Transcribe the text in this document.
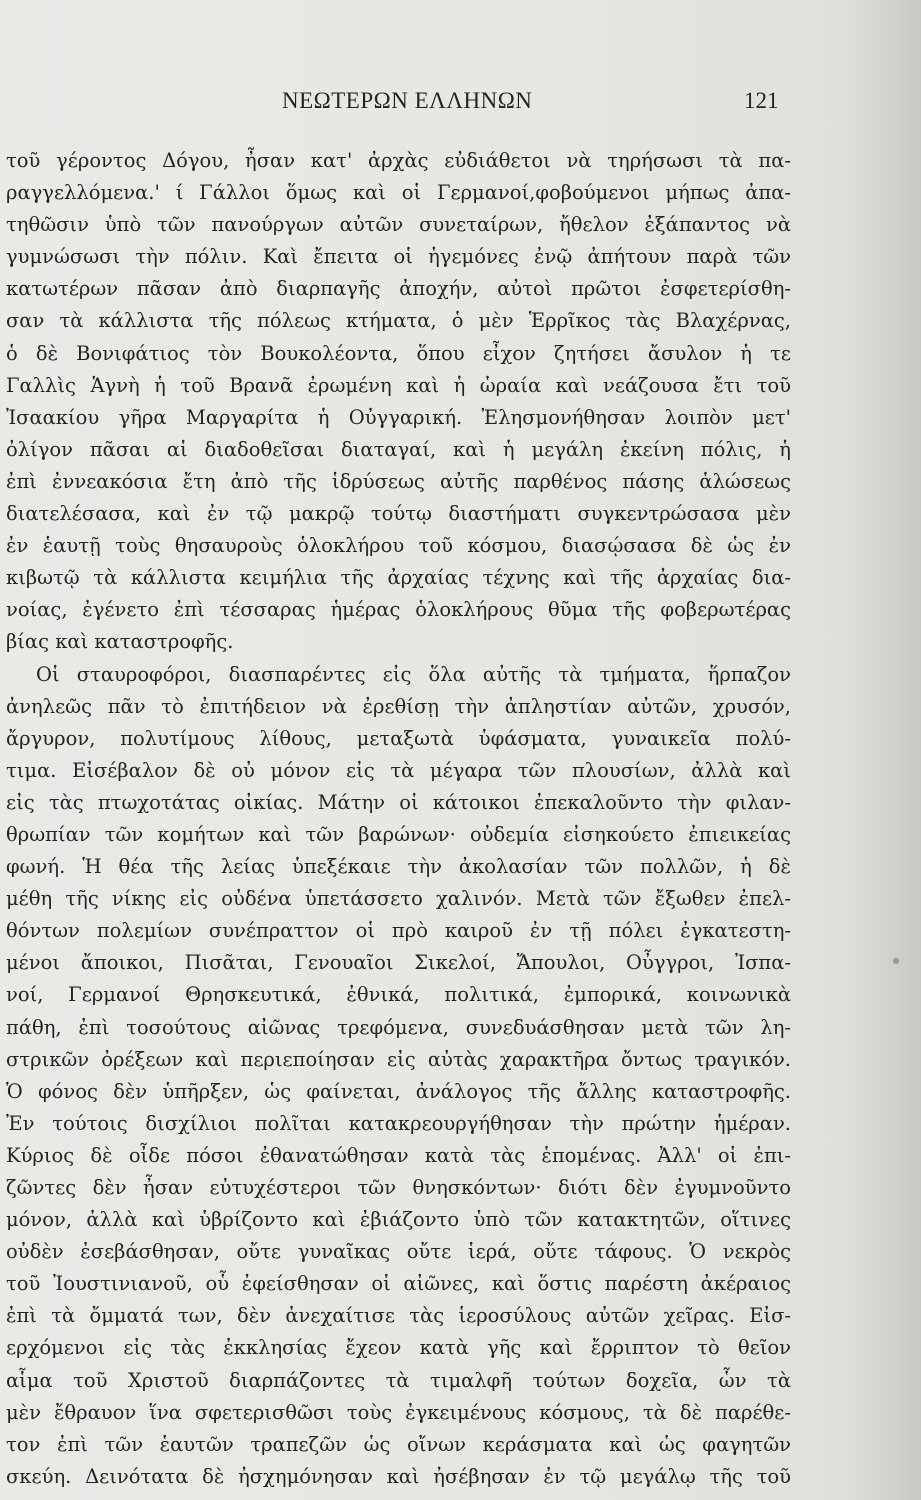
ΝΕΩΤΕΡΩΝ ΕΛΛΗΝΩΝ	121
τοῦ γέροντος Δόγου, ἦσαν κατ' ἀρχὰς εὐδιάθετοι νὰ τηρήσωσι τὰ πα-
ραγγελλόμενα.' ί Γάλλοι ὅμως καὶ οἱ Γερμανοί,φοβούμενοι μήπως ἀπα-
τηθῶσιν ὑπὸ τῶν πανούργων αὐτῶν συνεταίρων, ἤθελον ἐξάπαντος νὰ
γυμνώσωσι τὴν πόλιν. Καὶ ἔπειτα οἱ ἡγεμόνες ἐνῷ ἀπήτουν παρὰ τῶν
κατωτέρων πᾶσαν ἀπὸ διαρπαγῆς ἀποχήν, αὐτοὶ πρῶτοι ἐσφετερίσθη-
σαν τὰ κάλλιστα τῆς πόλεως κτήματα, ὁ μὲν Ἑρρῖκος τὰς Βλαχέρνας,
ὁ δὲ Βονιφάτιος τὸν Βουκολέοντα, ὅπου εἶχον ζητήσει ἄσυλον ἡ τε
Γαλλὶς Ἁγνὴ ἡ τοῦ Βρανᾶ ἐρωμένη καὶ ἡ ὡραία καὶ νεάζουσα ἔτι τοῦ
Ἰσαακίου γῆρα Μαργαρίτα ἡ Οὐγγαρική. Ἐλησμονήθησαν λοιπὸν μετ'
ὀλίγον πᾶσαι αἱ διαδοθεῖσαι διαταγαί, καὶ ἡ μεγάλη ἐκείνη πόλις, ἡ
ἐπὶ ἐννεακόσια ἔτη ἀπὸ τῆς ἱδρύσεως αὐτῆς παρθένος πάσης ἁλώσεως
διατελέσασα, καὶ ἐν τῷ μακρῷ τούτῳ διαστήματι συγκεντρώσασα μὲν
ἐν ἑαυτῇ τοὺς θησαυροὺς ὁλοκλήρου τοῦ κόσμου, διασῴσασα δὲ ὡς ἐν
κιβωτῷ τὰ κάλλιστα κειμήλια τῆς ἀρχαίας τέχνης καὶ τῆς ἀρχαίας δια-
νοίας, ἐγένετο ἐπὶ τέσσαρας ἡμέρας ὁλοκλήρους θῦμα τῆς φοβερωτέρας
βίας καὶ καταστροφῆς.
Οἱ σταυροφόροι, διασπαρέντες εἰς ὅλα αὐτῆς τὰ τμήματα, ἥρπαζον
ἀνηλεῶς πᾶν τὸ ἐπιτήδειον νὰ ἐρεθίσῃ τὴν ἀπληστίαν αὐτῶν, χρυσόν,
ἄργυρον, πολυτίμους λίθους, μεταξωτὰ ὑφάσματα, γυναικεῖα πολύ-
τιμα. Εἰσέβαλον δὲ οὐ μόνον εἰς τὰ μέγαρα τῶν πλουσίων, ἀλλὰ καὶ
εἰς τὰς πτωχοτάτας οἰκίας. Μάτην οἱ κάτοικοι ἐπεκαλοῦντο τὴν φιλαν-
θρωπίαν τῶν κομήτων καὶ τῶν βαρώνων· οὐδεμία εἰσηκούετο ἐπιεικείας
φωνή. Ἡ θέα τῆς λείας ὑπεξέκαιε τὴν ἀκολασίαν τῶν πολλῶν, ἡ δὲ
μέθη τῆς νίκης εἰς οὐδένα ὑπετάσσετο χαλινόν. Μετὰ τῶν ἔξωθεν ἐπελ-
θόντων πολεμίων συνέπραττον οἱ πρὸ καιροῦ ἐν τῇ πόλει ἐγκατεστη-
μένοι ἄποικοι, Πισᾶται, Γενουαῖοι Σικελοί, Ἄπουλοι, Οὖγγροι, Ἰσπα-
νοί, Γερμανοί Θρησκευτικά, ἐθνικά, πολιτικά, ἐμπορικά, κοινωνικὰ
πάθη, ἐπὶ τοσούτους αἰῶνας τρεφόμενα, συνεδυάσθησαν μετὰ τῶν λη-
στρικῶν ὀρέξεων καὶ περιεποίησαν εἰς αὐτὰς χαρακτῆρα ὄντως τραγικόν.
Ὁ φόνος δὲν ὑπῆρξεν, ὡς φαίνεται, ἀνάλογος τῆς ἄλλης καταστροφῆς.
Ἐν τούτοις δισχίλιοι πολῖται κατακρεουργήθησαν τὴν πρώτην ἡμέραν.
Κύριος δὲ οἶδε πόσοι ἐθανατώθησαν κατὰ τὰς ἑπομένας. Ἀλλ' οἱ ἐπι-
ζῶντες δὲν ἦσαν εὐτυχέστεροι τῶν θνησκόντων· διότι δὲν ἐγυμνοῦντο
μόνον, ἀλλὰ καὶ ὑβρίζοντο καὶ ἐβιάζοντο ὑπὸ τῶν κατακτητῶν, οἵτινες
οὐδὲν ἐσεβάσθησαν, οὔτε γυναῖκας οὔτε ἱερά, οὔτε τάφους. Ὁ νεκρὸς
τοῦ Ἰουστινιανοῦ, οὗ ἐφείσθησαν οἱ αἰῶνες, καὶ ὅστις παρέστη ἀκέραιος
ἐπὶ τὰ ὄμματά των, δὲν ἀνεχαίτισε τὰς ἱεροσύλους αὐτῶν χεῖρας. Εἰσ-
ερχόμενοι εἰς τὰς ἐκκλησίας ἔχεον κατὰ γῆς καὶ ἔρριπτον τὸ θεῖον
αἷμα τοῦ Χριστοῦ διαρπάζοντες τὰ τιμαλφῆ τούτων δοχεῖα, ὧν τὰ
μὲν ἔθραυον ἵνα σφετερισθῶσι τοὺς ἐγκειμένους κόσμους, τὰ δὲ παρέθε-
τον ἐπὶ τῶν ἑαυτῶν τραπεζῶν ὡς οἴνων κεράσματα καὶ ὡς φαγητῶν
σκεύη. Δεινότατα δὲ ἠσχημόνησαν καὶ ἠσέβησαν ἐν τῷ μεγάλῳ τῆς τοῦ
